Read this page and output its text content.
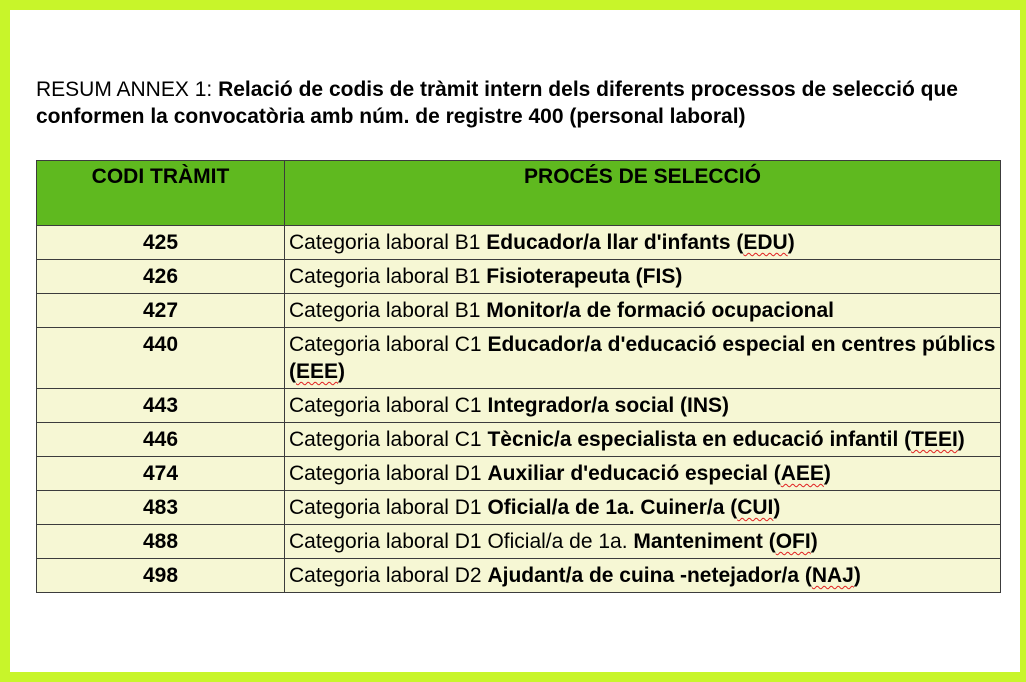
RESUM ANNEX 1: Relació de codis de tràmit intern dels diferents processos de selecció que conformen la convocatòria amb núm. de registre 400 (personal laboral)
CODI TRÀMIT	PROCÉS DE SELECCIÓ
425	Categoria laboral B1 Educador/a llar d'infants (EDU)
426	Categoria laboral B1 Fisioterapeuta (FIS)
427	Categoria laboral B1 Monitor/a de formació ocupacional
440	Categoria laboral C1 Educador/a d'educació especial en centres públics (EEE)
443	Categoria laboral C1 Integrador/a social (INS)
446	Categoria laboral C1 Tècnic/a especialista en educació infantil (TEEI)
474	Categoria laboral D1 Auxiliar d'educació especial (AEE)
483	Categoria laboral D1 Oficial/a de 1a. Cuiner/a (CUI)
488	Categoria laboral D1 Oficial/a de 1a. Manteniment (OFI)
498	Categoria laboral D2 Ajudant/a de cuina -netejador/a (NAJ)
